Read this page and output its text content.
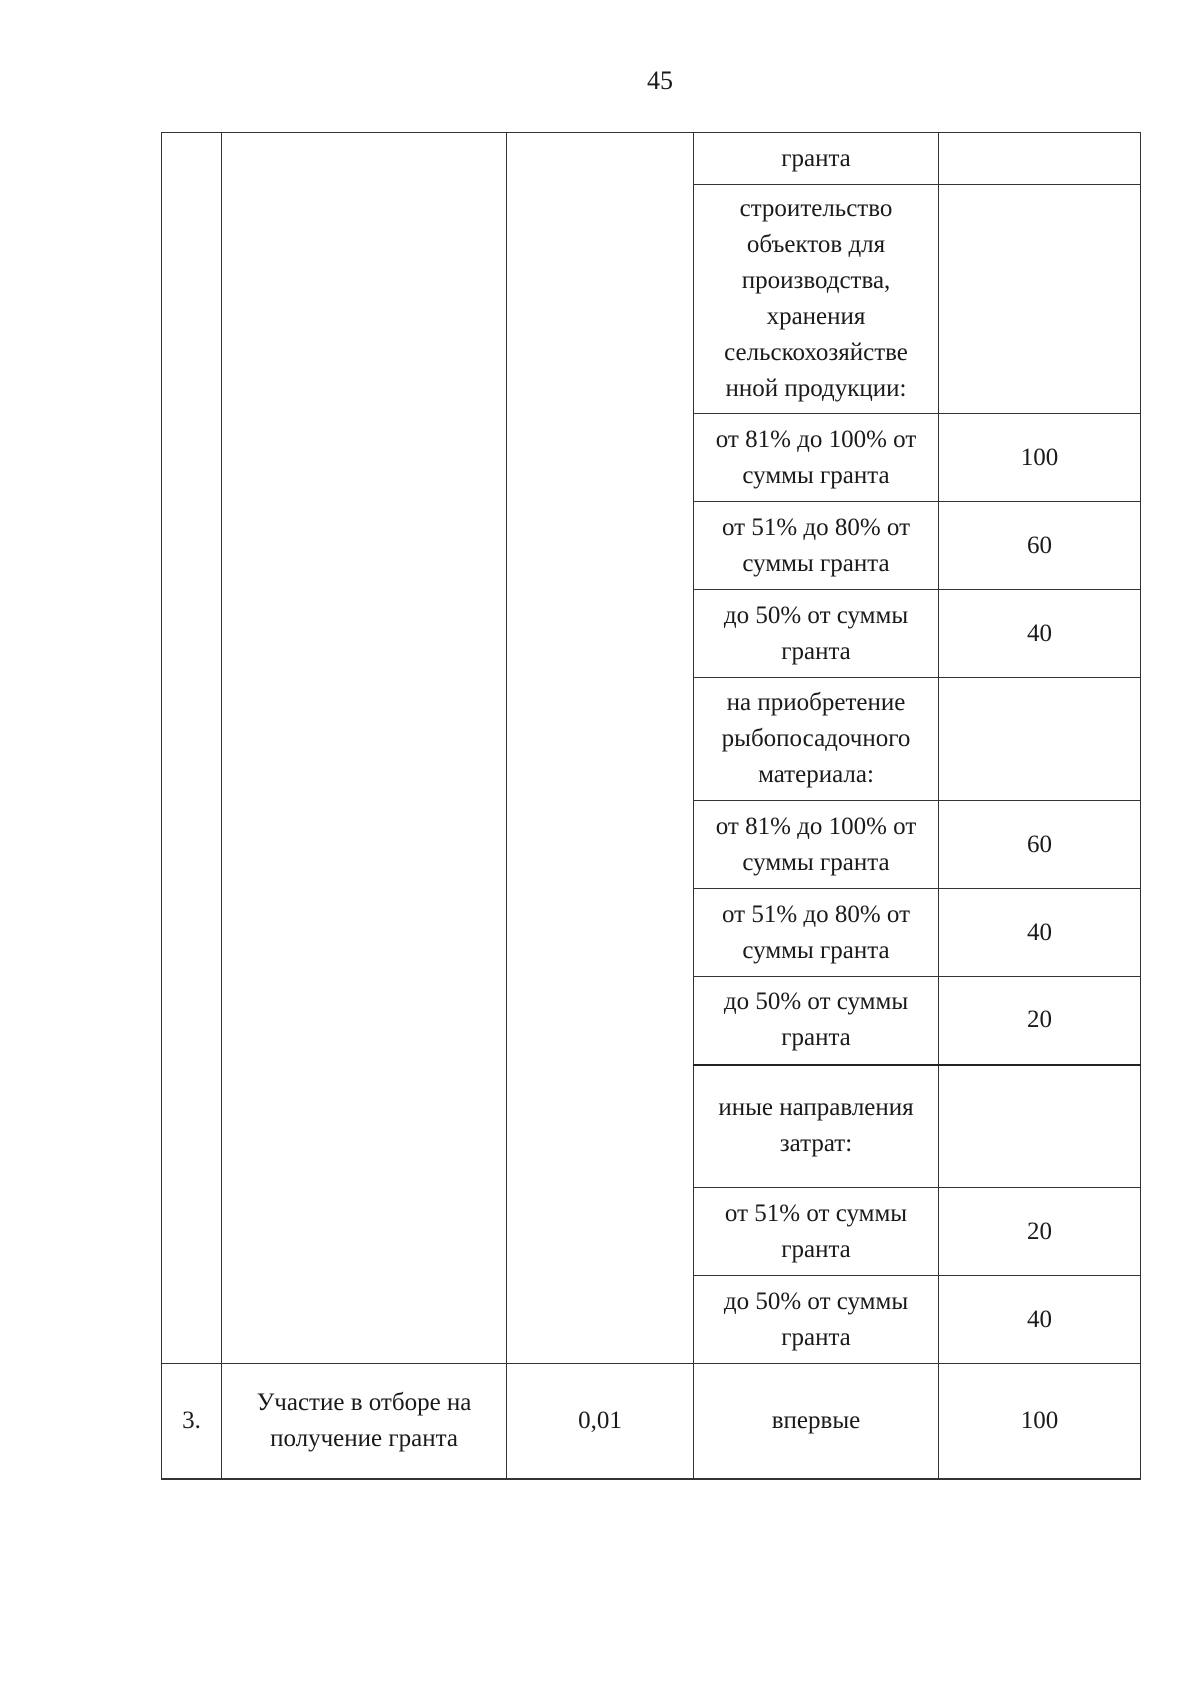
45
			гранта	
			строительство объектов для производства, хранения сельскохозяйстве нной продукции:	
			от 81% до 100% от суммы гранта	100
			от 51% до 80% от суммы гранта	60
			до 50% от суммы гранта	40
			на приобретение рыбопосадочного материала:	
			от 81% до 100% от суммы гранта	60
			от 51% до 80% от суммы гранта	40
			до 50% от суммы гранта	20
			иные направления затрат:	
			от 51% от суммы гранта	20
			до 50% от суммы гранта	40
3.	Участие в отборе на получение гранта	0,01	впервые	100
